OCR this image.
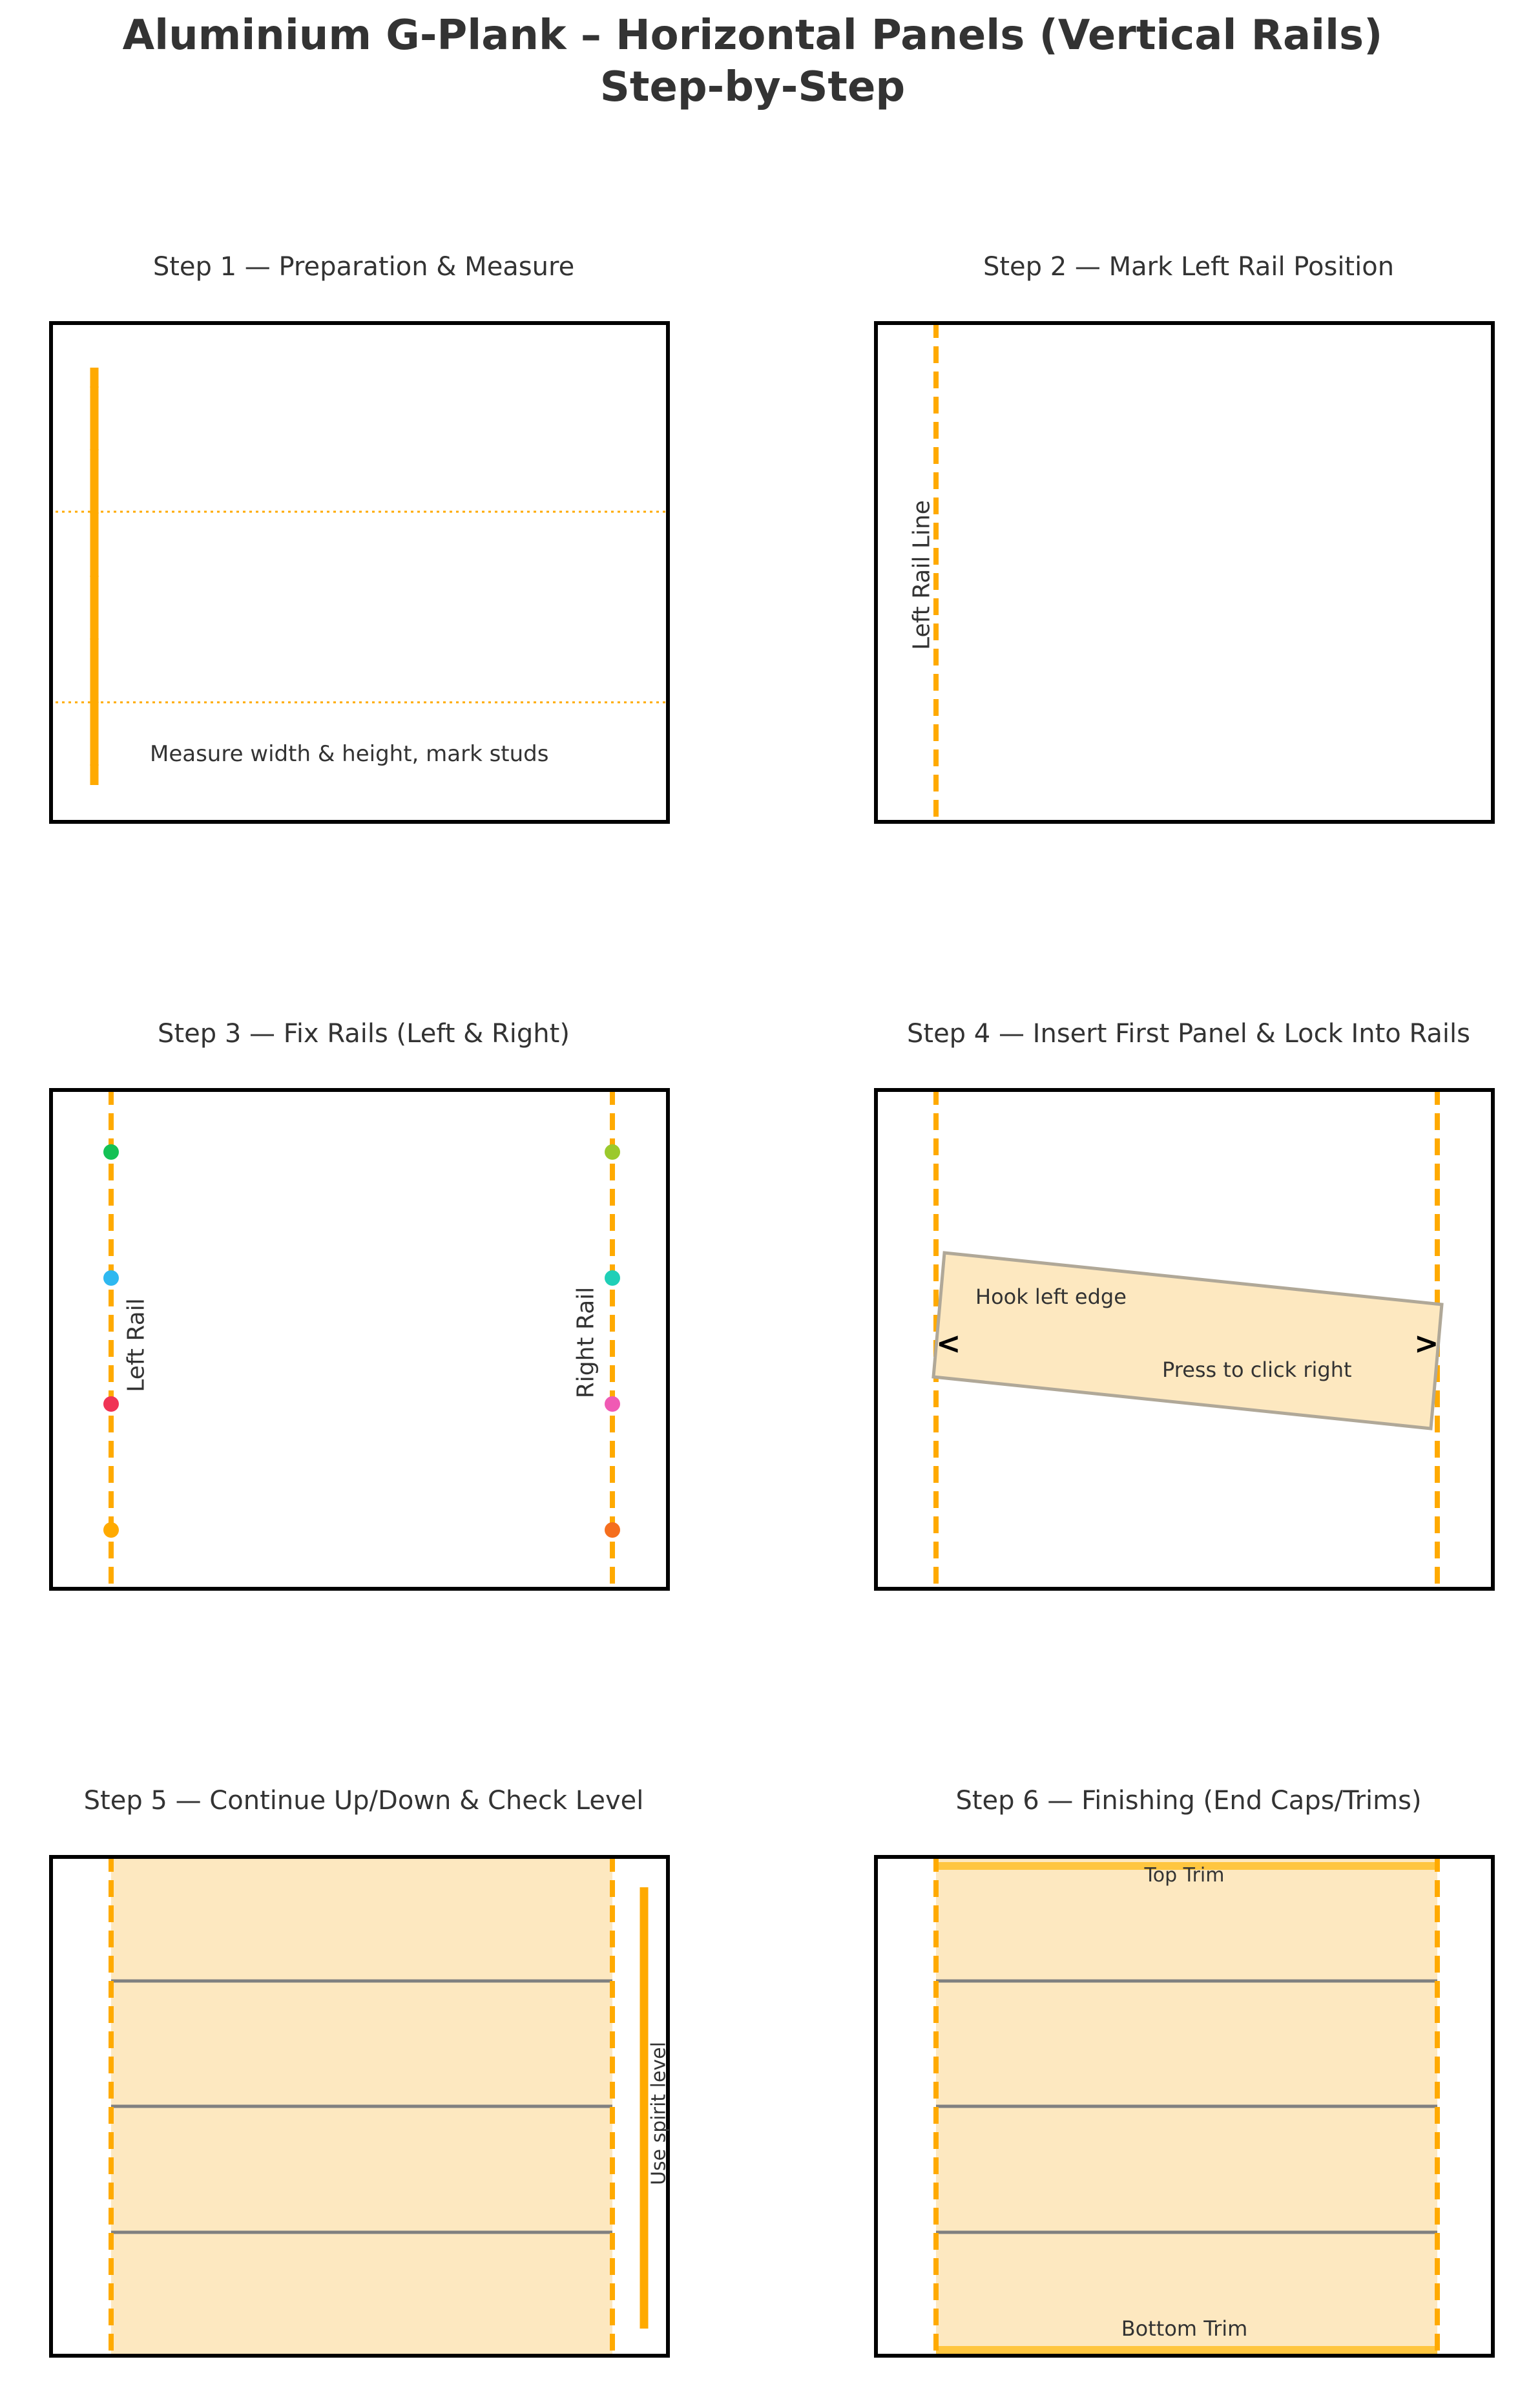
Aluminium G-Plank – Horizontal Panels (Vertical Rails)
Step-by-Step
Step 1 — Preparation & Measure
Measure width & height, mark studs
Step 2 — Mark Left Rail Position
Left Rail Line
Step 3 — Fix Rails (Left & Right)
Left Rail	Right Rail
Step 4 — Insert First Panel & Lock Into Rails
Hook left edge
Press to click right
<	>
Step 5 — Continue Up/Down & Check Level
Use spirit level
Step 6 — Finishing (End Caps/Trims)
Top Trim
Bottom Trim
